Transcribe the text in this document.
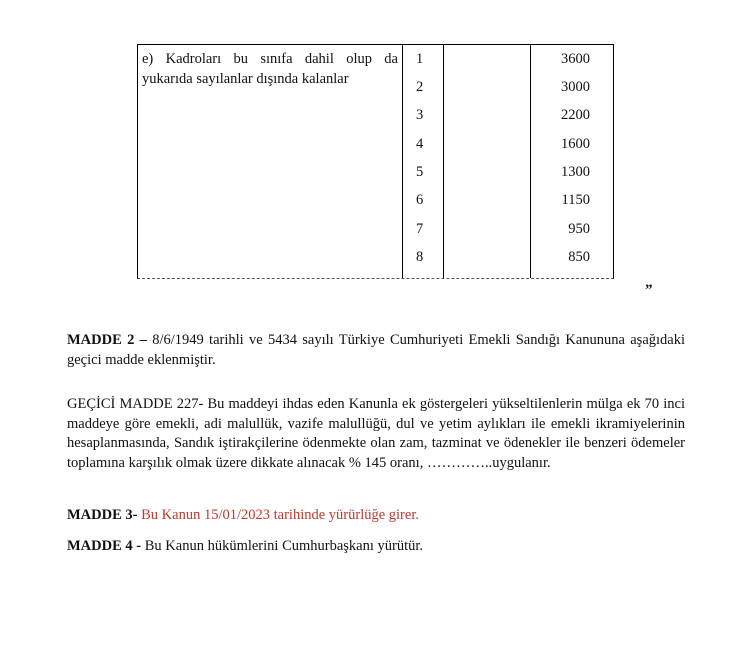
e) Kadroları bu sınıfa dahil olup da yukarıda sayılanlar dışında kalanlar
1
2
3
4
5
6
7
8
3600
3000
2200
1600
1300
1150
950
850
”

MADDE 2 – 8/6/1949 tarihli ve 5434 sayılı Türkiye Cumhuriyeti Emekli Sandığı Kanununa aşağıdaki geçici madde eklenmiştir.

GEÇİCİ MADDE 227- Bu maddeyi ihdas eden Kanunla ek göstergeleri yükseltilenlerin mülga ek 70 inci maddeye göre emekli, adi malullük, vazife malullüğü, dul ve yetim aylıkları ile emekli ikramiyelerinin hesaplanmasında, Sandık iştirakçilerine ödenmekte olan zam, tazminat ve ödenekler ile benzeri ödemeler toplamına karşılık olmak üzere dikkate alınacak % 145 oranı, …………..uygulanır.

MADDE 3- Bu Kanun 15/01/2023 tarihinde yürürlüğe girer.

MADDE 4 - Bu Kanun hükümlerini Cumhurbaşkanı yürütür.
